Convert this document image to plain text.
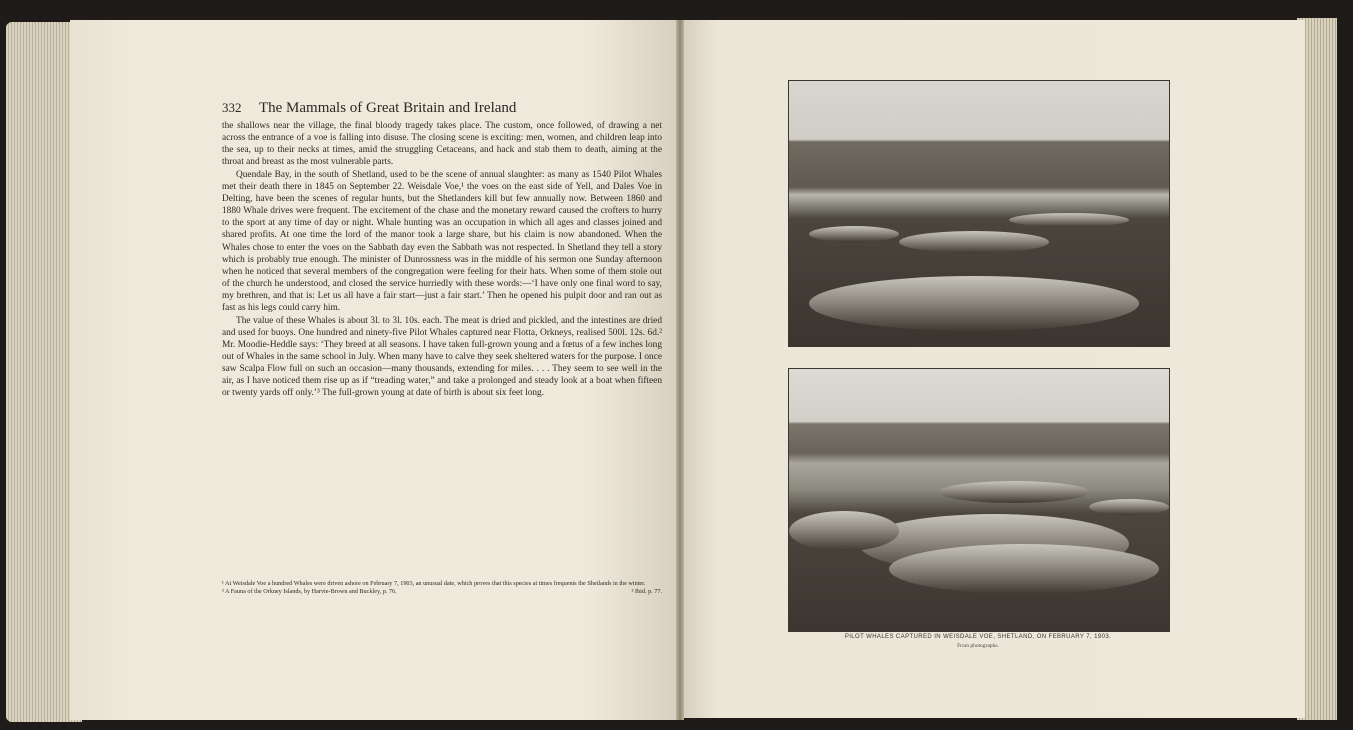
332 The Mammals of Great Britain and Ireland

the shallows near the village, the final bloody tragedy takes place. The custom, once followed, of drawing a net across the entrance of a voe is falling into disuse. The closing scene is exciting: men, women, and children leap into the sea, up to their necks at times, amid the struggling Cetaceans, and hack and stab them to death, aiming at the throat and breast as the most vulnerable parts.

Quendale Bay, in the south of Shetland, used to be the scene of annual slaughter: as many as 1540 Pilot Whales met their death there in 1845 on September 22. Weisdale Voe,¹ the voes on the east side of Yell, and Dales Voe in Delting, have been the scenes of regular hunts, but the Shetlanders kill but few annually now. Between 1860 and 1880 Whale drives were frequent. The excitement of the chase and the monetary reward caused the crofters to hurry to the sport at any time of day or night. Whale hunting was an occupation in which all ages and classes joined and shared profits. At one time the lord of the manor took a large share, but his claim is now abandoned. When the Whales chose to enter the voes on the Sabbath day even the Sabbath was not respected. In Shetland they tell a story which is probably true enough. The minister of Dunrossness was in the middle of his sermon one Sunday afternoon when he noticed that several members of the congregation were feeling for their hats. When some of them stole out of the church he understood, and closed the service hurriedly with these words:—‘I have only one final word to say, my brethren, and that is: Let us all have a fair start—just a fair start.’ Then he opened his pulpit door and ran out as fast as his legs could carry him.

The value of these Whales is about 3l. to 3l. 10s. each. The meat is dried and pickled, and the intestines are dried and used for buoys. One hundred and ninety-five Pilot Whales captured near Flotta, Orkneys, realised 500l. 12s. 6d.² Mr. Moodie-Heddle says: ‘They breed at all seasons. I have taken full-grown young and a fœtus of a few inches long out of Whales in the same school in July. When many have to calve they seek sheltered waters for the purpose. I once saw Scalpa Flow full on such an occasion—many thousands, extending for miles. . . . They seem to see well in the air, as I have noticed them rise up as if “treading water,” and take a prolonged and steady look at a boat when fifteen or twenty yards off only.’³ The full-grown young at date of birth is about six feet long.

¹ At Weisdale Voe a hundred Whales were driven ashore on February 7, 1903, an unusual date, which proves that this species at times frequents the Shetlands in the winter.
² A Fauna of the Orkney Islands, by Harvie-Brown and Buckley, p. 76.	³ Ibid. p. 77.
PILOT WHALES CAPTURED IN WEISDALE VOE, SHETLAND, ON FEBRUARY 7, 1903.
From photographs.
